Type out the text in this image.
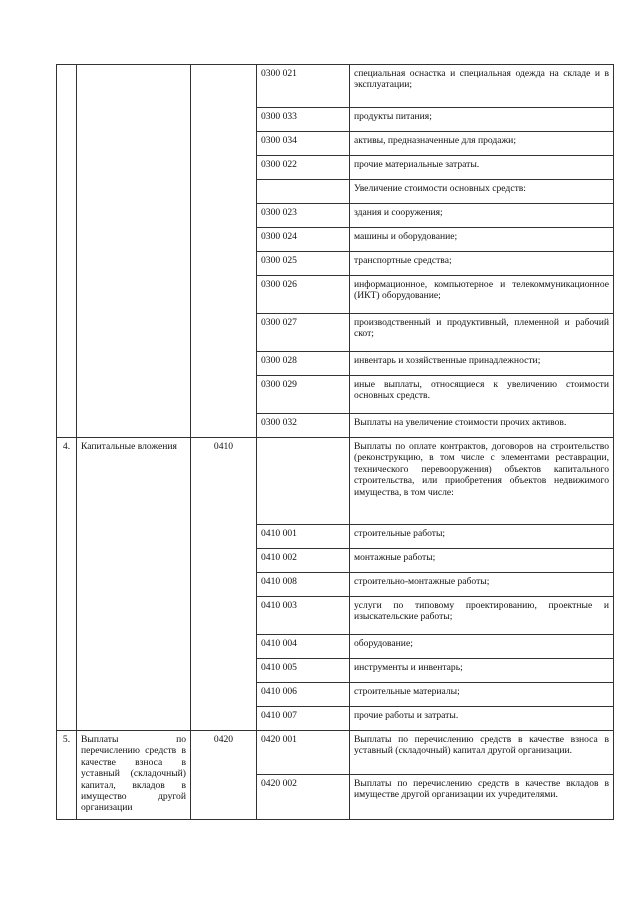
			0300 021	специальная оснастка и специальная одежда на складе и в эксплуатации;
			0300 033	продукты питания;
			0300 034	активы, предназначенные для продажи;
			0300 022	прочие материальные затраты.
				Увеличение стоимости основных средств:
			0300 023	здания и сооружения;
			0300 024	машины и оборудование;
			0300 025	транспортные средства;
			0300 026	информационное, компьютерное и телекоммуникационное (ИКТ) оборудование;
			0300 027	производственный и продуктивный, племенной и рабочий скот;
			0300 028	инвентарь и хозяйственные принадлежности;
			0300 029	иные выплаты, относящиеся к увеличению стоимости основных средств.
			0300 032	Выплаты на увеличение стоимости прочих активов.
4.	Капитальные вложения	0410		Выплаты по оплате контрактов, договоров на строительство (реконструкцию, в том числе с элементами реставрации, технического перевооружения) объектов капитального строительства, или приобретения объектов недвижимого имущества, в том числе:
			0410 001	строительные работы;
			0410 002	монтажные работы;
			0410 008	строительно-монтажные работы;
			0410 003	услуги по типовому проектированию, проектные и изыскательские работы;
			0410 004	оборудование;
			0410 005	инструменты и инвентарь;
			0410 006	строительные материалы;
			0410 007	прочие работы и затраты.
5.	Выплаты по перечислению средств в качестве взноса в уставный (складочный) капитал, вкладов в имущество другой организации	0420	0420 001	Выплаты по перечислению средств в качестве взноса в уставный (складочный) капитал другой организации.
			0420 002	Выплаты по перечислению средств в качестве вкладов в имуществе другой организации их учредителями.
